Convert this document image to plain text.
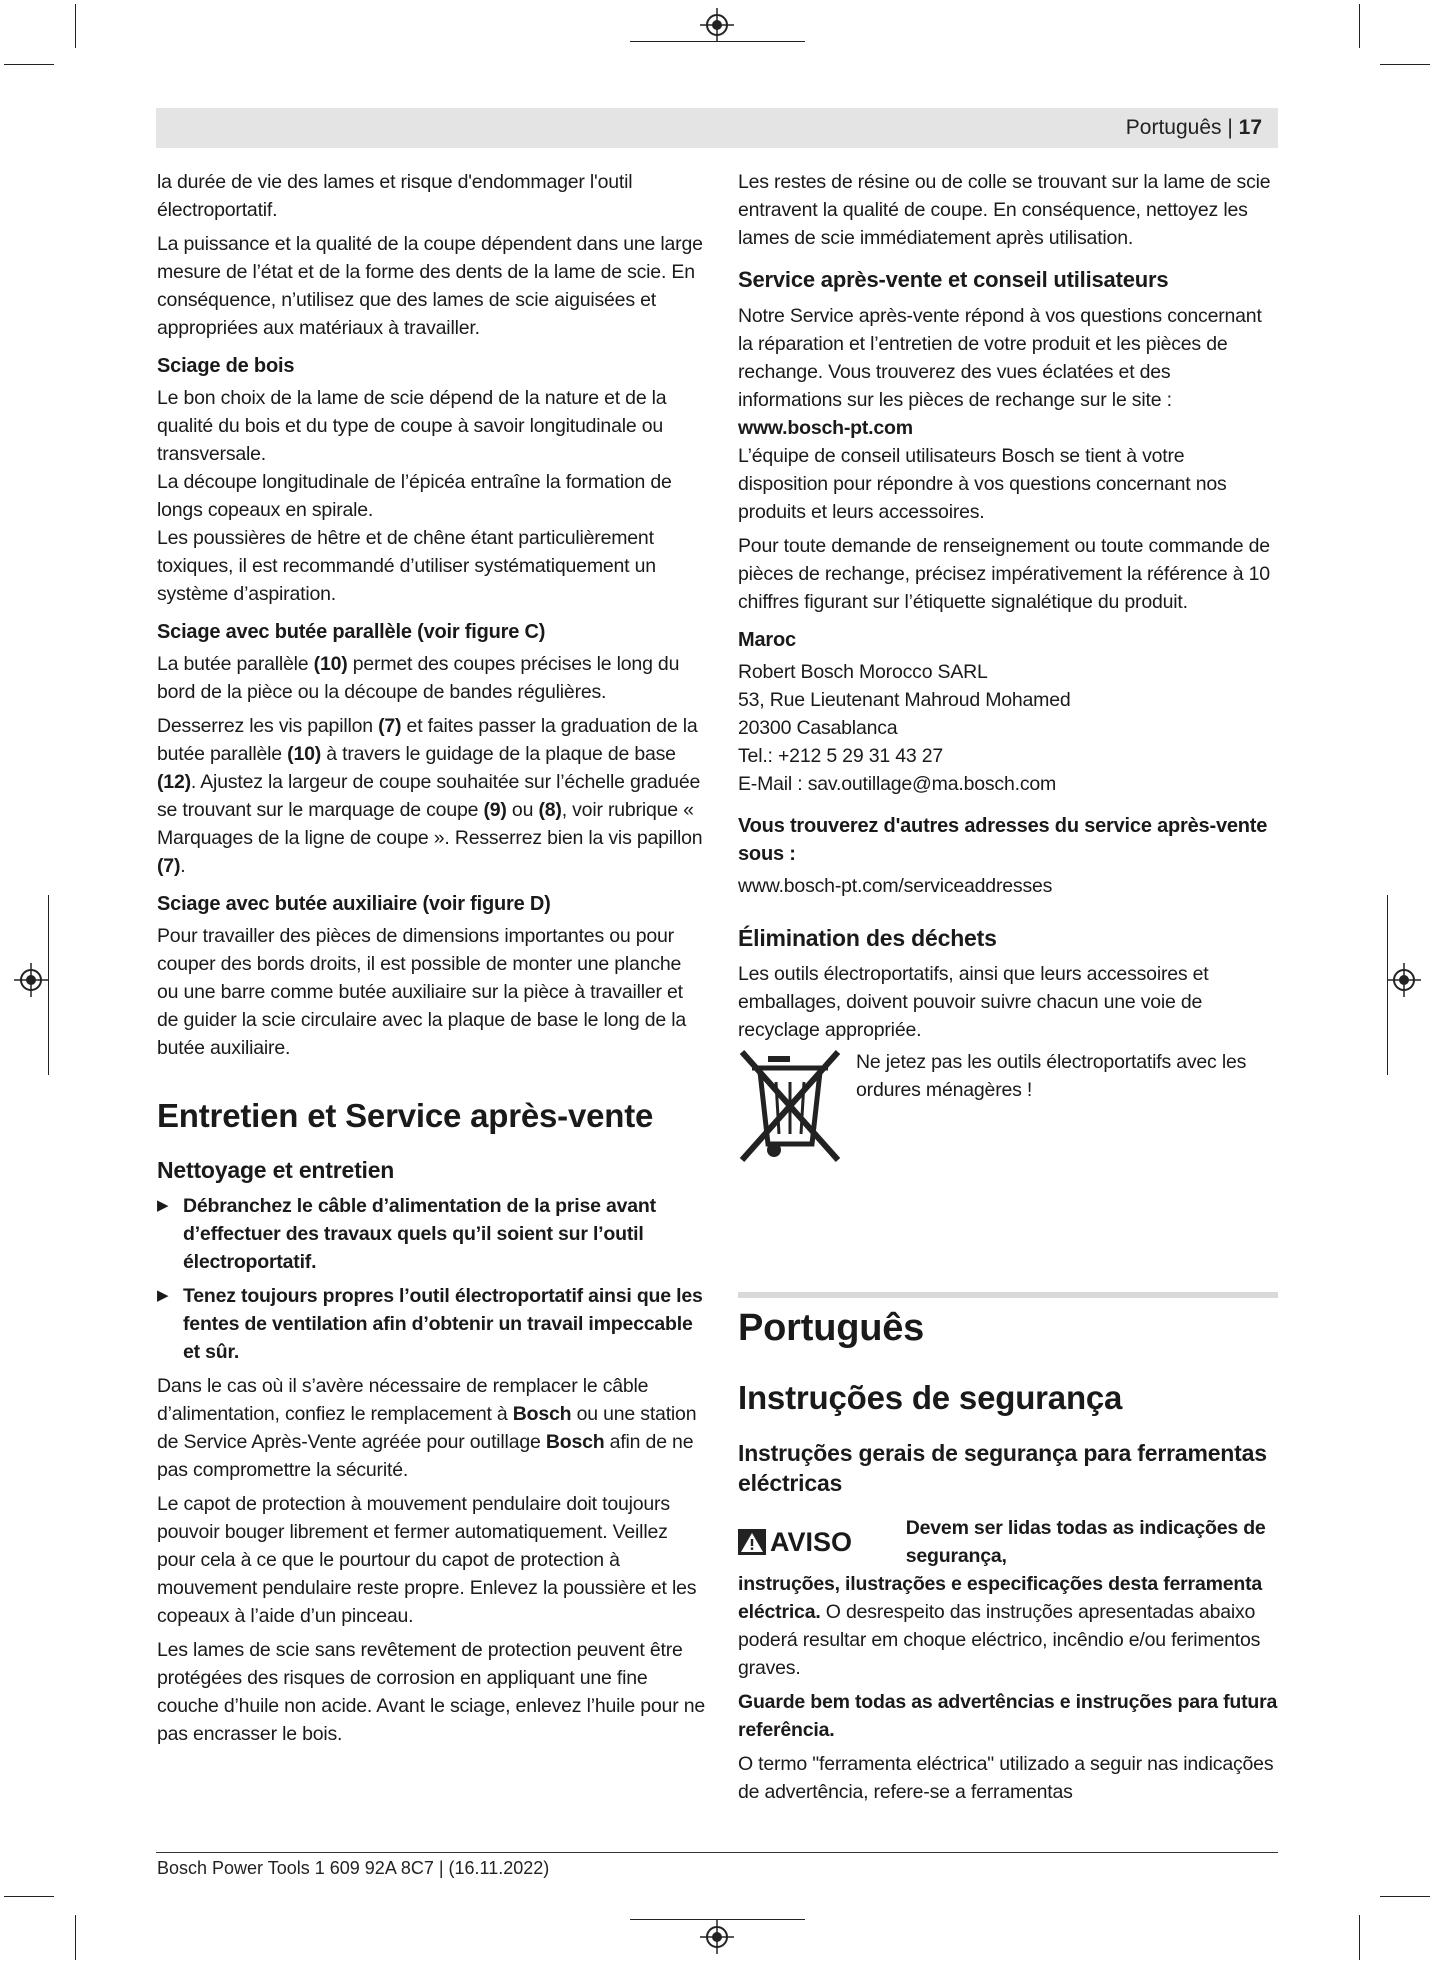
Português | 17

la durée de vie des lames et risque d'endommager l'outil électroportatif.

La puissance et la qualité de la coupe dépendent dans une large mesure de l’état et de la forme des dents de la lame de scie. En conséquence, n’utilisez que des lames de scie aiguisées et appropriées aux matériaux à travailler.

Sciage de bois

Le bon choix de la lame de scie dépend de la nature et de la qualité du bois et du type de coupe à savoir longitudinale ou transversale.

La découpe longitudinale de l’épicéa entraîne la formation de longs copeaux en spirale.

Les poussières de hêtre et de chêne étant particulièrement toxiques, il est recommandé d’utiliser systématiquement un système d’aspiration.

Sciage avec butée parallèle (voir figure C)

La butée parallèle (10) permet des coupes précises le long du bord de la pièce ou la découpe de bandes régulières.

Desserrez les vis papillon (7) et faites passer la graduation de la butée parallèle (10) à travers le guidage de la plaque de base (12). Ajustez la largeur de coupe souhaitée sur l’échelle graduée se trouvant sur le marquage de coupe (9) ou (8), voir rubrique « Marquages de la ligne de coupe ». Resserrez bien la vis papillon (7).

Sciage avec butée auxiliaire (voir figure D)

Pour travailler des pièces de dimensions importantes ou pour couper des bords droits, il est possible de monter une planche ou une barre comme butée auxiliaire sur la pièce à travailler et de guider la scie circulaire avec la plaque de base le long de la butée auxiliaire.

Entretien et Service après-vente
Nettoyage et entretien
▶ Débranchez le câble d’alimentation de la prise avant d’effectuer des travaux quels qu’il soient sur l’outil électroportatif.
▶ Tenez toujours propres l’outil électroportatif ainsi que les fentes de ventilation afin d’obtenir un travail impeccable et sûr.

Dans le cas où il s’avère nécessaire de remplacer le câble d’alimentation, confiez le remplacement à Bosch ou une station de Service Après-Vente agréée pour outillage Bosch afin de ne pas compromettre la sécurité.

Le capot de protection à mouvement pendulaire doit toujours pouvoir bouger librement et fermer automatiquement. Veillez pour cela à ce que le pourtour du capot de protection à mouvement pendulaire reste propre. Enlevez la poussière et les copeaux à l’aide d’un pinceau.

Les lames de scie sans revêtement de protection peuvent être protégées des risques de corrosion en appliquant une fine couche d’huile non acide. Avant le sciage, enlevez l’huile pour ne pas encrasser le bois.

Les restes de résine ou de colle se trouvant sur la lame de scie entravent la qualité de coupe. En conséquence, nettoyez les lames de scie immédiatement après utilisation.

Service après-vente et conseil utilisateurs

Notre Service après-vente répond à vos questions concernant la réparation et l’entretien de votre produit et les pièces de rechange. Vous trouverez des vues éclatées et des informations sur les pièces de rechange sur le site :

www.bosch-pt.com

L’équipe de conseil utilisateurs Bosch se tient à votre disposition pour répondre à vos questions concernant nos produits et leurs accessoires.

Pour toute demande de renseignement ou toute commande de pièces de rechange, précisez impérativement la référence à 10 chiffres figurant sur l’étiquette signalétique du produit.

Maroc
Robert Bosch Morocco SARL
53, Rue Lieutenant Mahroud Mohamed
20300 Casablanca
Tel.: +212 5 29 31 43 27
E-Mail : sav.outillage@ma.bosch.com
Vous trouverez d'autres adresses du service après-vente sous :
www.bosch-pt.com/serviceaddresses
Élimination des déchets

Les outils électroportatifs, ainsi que leurs accessoires et emballages, doivent pouvoir suivre chacun une voie de recyclage appropriée.

Ne jetez pas les outils électroportatifs avec les ordures ménagères !
Português
Instruções de segurança
Instruções gerais de segurança para ferramentas eléctricas
AVISO	Devem ser lidas todas as indicações de segurança,

instruções, ilustrações e especificações desta ferramenta eléctrica. O desrespeito das instruções apresentadas abaixo poderá resultar em choque eléctrico, incêndio e/ou ferimentos graves.

Guarde bem todas as advertências e instruções para futura referência.

O termo "ferramenta eléctrica" utilizado a seguir nas indicações de advertência, refere-se a ferramentas

Bosch Power Tools 1 609 92A 8C7 | (16.11.2022)
